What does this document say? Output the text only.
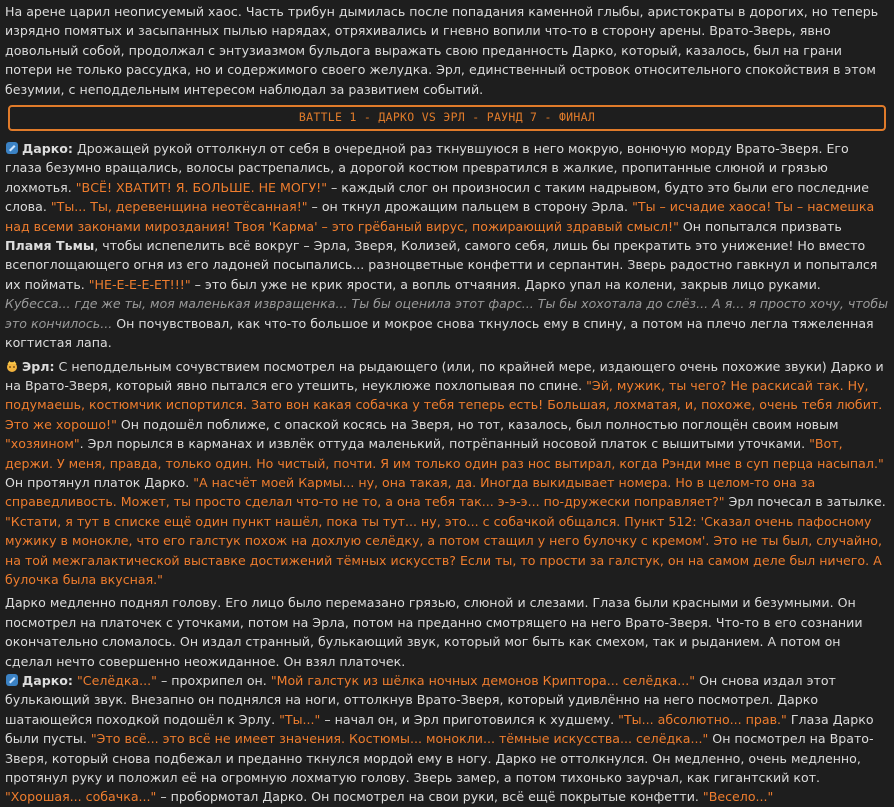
На арене царил неописуемый хаос. Часть трибун дымилась после попадания каменной глыбы, аристократы в дорогих, но теперь изрядно помятых и засыпанных пылью нарядах, отряхивались и гневно вопили что-то в сторону арены. Врато-Зверь, явно довольный собой, продолжал с энтузиазмом бульдога выражать свою преданность Дарко, который, казалось, был на грани потери не только рассудка, но и содержимого своего желудка. Эрл, единственный островок относительного спокойствия в этом безумии, с неподдельным интересом наблюдал за развитием событий.

BATTLE 1 - ДАРКО VS ЭРЛ - РАУНД 7 - ФИНАЛ

Дарко: Дрожащей рукой оттолкнул от себя в очередной раз ткнувшуюся в него мокрую, вонючую морду Врато-Зверя. Его глаза безумно вращались, волосы растрепались, а дорогой костюм превратился в жалкие, пропитанные слюной и грязью лохмотья. "ВСЁ! ХВАТИТ! Я. БОЛЬШЕ. НЕ МОГУ!" – каждый слог он произносил с таким надрывом, будто это были его последние слова. "Ты... Ты, деревенщина неотёсанная!" – он ткнул дрожащим пальцем в сторону Эрла. "Ты – исчадие хаоса! Ты – насмешка над всеми законами мироздания! Твоя 'Карма' – это грёбаный вирус, пожирающий здравый смысл!" Он попытался призвать Пламя Тьмы, чтобы испепелить всё вокруг – Эрла, Зверя, Колизей, самого себя, лишь бы прекратить это унижение! Но вместо всепоглощающего огня из его ладоней посыпались... разноцветные конфетти и серпантин. Зверь радостно гавкнул и попытался их поймать. "НЕ-Е-Е-Е-ЕТ!!!" – это был уже не крик ярости, а вопль отчаяния. Дарко упал на колени, закрыв лицо руками. Кубесса... где же ты, моя маленькая извращенка... Ты бы оценила этот фарс... Ты бы хохотала до слёз... А я... я просто хочу, чтобы это кончилось... Он почувствовал, как что-то большое и мокрое снова ткнулось ему в спину, а потом на плечо легла тяжеленная когтистая лапа.

Эрл: С неподдельным сочувствием посмотрел на рыдающего (или, по крайней мере, издающего очень похожие звуки) Дарко и на Врато-Зверя, который явно пытался его утешить, неуклюже похлопывая по спине. "Эй, мужик, ты чего? Не раскисай так. Ну, подумаешь, костюмчик испортился. Зато вон какая собачка у тебя теперь есть! Большая, лохматая, и, похоже, очень тебя любит. Это же хорошо!" Он подошёл поближе, с опаской косясь на Зверя, но тот, казалось, был полностью поглощён своим новым "хозяином". Эрл порылся в карманах и извлёк оттуда маленький, потрёпанный носовой платок с вышитыми уточками. "Вот, держи. У меня, правда, только один. Но чистый, почти. Я им только один раз нос вытирал, когда Рэнди мне в суп перца насыпал." Он протянул платок Дарко. "А насчёт моей Кармы... ну, она такая, да. Иногда выкидывает номера. Но в целом-то она за справедливость. Может, ты просто сделал что-то не то, а она тебя так... э-э-э... по-дружески поправляет?" Эрл почесал в затылке. "Кстати, я тут в списке ещё один пункт нашёл, пока ты тут... ну, это... с собачкой общался. Пункт 512: 'Сказал очень пафосному мужику в монокле, что его галстук похож на дохлую селёдку, а потом стащил у него булочку с кремом'. Это не ты был, случайно, на той межгалактической выставке достижений тёмных искусств? Если ты, то прости за галстук, он на самом деле был ничего. А булочка была вкусная."

Дарко медленно поднял голову. Его лицо было перемазано грязью, слюной и слезами. Глаза были красными и безумными. Он посмотрел на платочек с уточками, потом на Эрла, потом на преданно смотрящего на него Врато-Зверя. Что-то в его сознании окончательно сломалось. Он издал странный, булькающий звук, который мог быть как смехом, так и рыданием. А потом он сделал нечто совершенно неожиданное. Он взял платочек.

Дарко: "Селёдка..." – прохрипел он. "Мой галстук из шёлка ночных демонов Криптора... селёдка..." Он снова издал этот булькающий звук. Внезапно он поднялся на ноги, оттолкнув Врато-Зверя, который удивлённо на него посмотрел. Дарко шатающейся походкой подошёл к Эрлу. "Ты..." – начал он, и Эрл приготовился к худшему. "Ты... абсолютно... прав." Глаза Дарко были пусты. "Это всё... это всё не имеет значения. Костюмы... монокли... тёмные искусства... селёдка..." Он посмотрел на Врато-Зверя, который снова подбежал и преданно ткнулся мордой ему в ногу. Дарко не оттолкнулся. Он медленно, очень медленно, протянул руку и положил её на огромную лохматую голову. Зверь замер, а потом тихонько заурчал, как гигантский кот. "Хорошая... собачка..." – пробормотал Дарко. Он посмотрел на свои руки, всё ещё покрытые конфетти. "Весело..."
